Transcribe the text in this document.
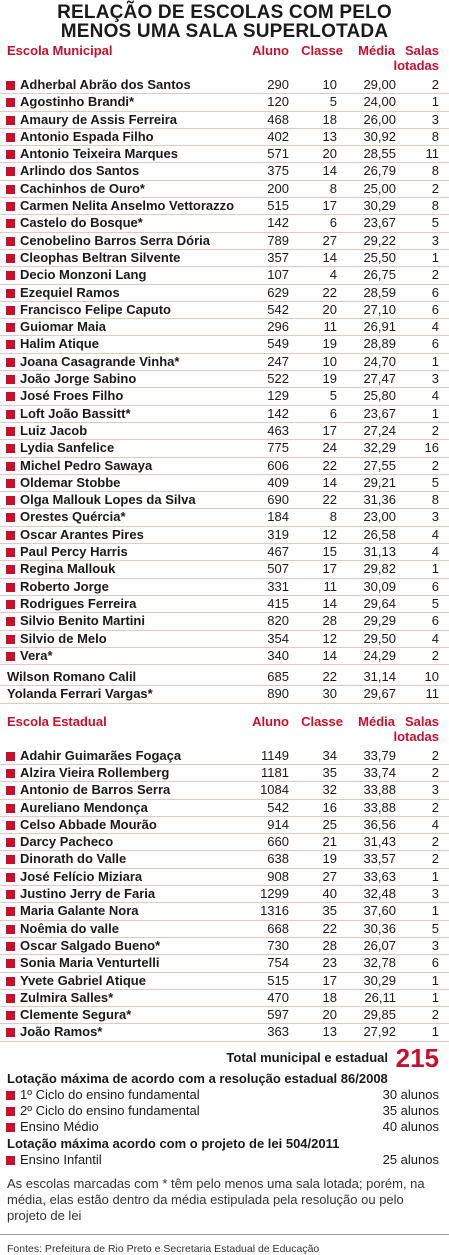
RELAÇÃO DE ESCOLAS COM PELO
MENOS UMA SALA SUPERLOTADA
Escola Municipal	Aluno Classe Média Salas
lotadas
Adherbal Abrão dos Santos	290	10 29,00	2
Agostinho Brandi*	120	5 24,00	1
Amaury de Assis Ferreira	468	18 26,00	3
Antonio Espada Filho	402	13 30,92	8
Antonio Teixeira Marques	571	20 28,55 11
Arlindo dos Santos	375	14 26,79	8
Cachinhos de Ouro*	200	8 25,00	2
Carmen Nelita Anselmo Vettorazzo	515	17 30,29	8
Castelo do Bosque*	142	6 23,67	5
Cenobelino Barros Serra Dória	789	27 29,22	3
Cleophas Beltran Silvente	357	14 25,50	1
Decio Monzoni Lang	107	4 26,75	2
Ezequiel Ramos	629	22 28,59	6
Francisco Felipe Caputo	542	20 27,10	6
Guiomar Maia	296	11 26,91	4
Halim Atique	549	19 28,89	6
Joana Casagrande Vinha*	247	10 24,70	1
João Jorge Sabino	522	19 27,47	3
José Froes Filho	129	5 25,80	4
Loft João Bassitt*	142	6 23,67	1
Luiz Jacob	463	17 27,24	2
Lydia Sanfelice	775	24 32,29 16
Michel Pedro Sawaya	606	22 27,55	2
Oldemar Stobbe	409	14 29,21	5
Olga Mallouk Lopes da Silva	690	22 31,36	8
Orestes Quércia*	184	8 23,00	3
Oscar Arantes Pires	319	12 26,58	4
Paul Percy Harris	467	15 31,13	4
Regina Mallouk	507	17 29,82	1
Roberto Jorge	331	11 30,09	6
Rodrigues Ferreira	415	14 29,64	5
Silvio Benito Martini	820	28 29,29	6
Silvio de Melo	354	12 29,50	4
Vera*	340	14 24,29	2
Wilson Romano Calil	685	22 31,14 10
Yolanda Ferrari Vargas*	890	30 29,67 11
Escola Estadual	Aluno Classe Média Salas
lotadas
Adahir Guimarães Fogaça	1149	34 33,79	2
Alzira Vieira Rollemberg	1181	35 33,74	2
Antonio de Barros Serra	1084	32 33,88	3
Aureliano Mendonça	542	16 33,88	2
Celso Abbade Mourão	914	25 36,56	4
Darcy Pacheco	660	21 31,43	2
Dinorath do Valle	638	19 33,57	2
José Felício Miziara	908	27 33,63	1
Justino Jerry de Faria	1299	40 32,48	3
Maria Galante Nora	1316	35 37,60	1
Noêmia do valle	668	22 30,36	5
Oscar Salgado Bueno*	730	28 26,07	3
Sonia Maria Venturtelli	754	23 32,78	6
Yvete Gabriel Atique	515	17 30,29	1
Zulmira Salles*	470	18 26,11	1
Clemente Segura*	597	20 29,85	2
João Ramos*	363	13 27,92	1
Total municipal e estadual 215
Lotação máxima de acordo com a resolução estadual 86/2008
1º Ciclo do ensino fundamental	30 alunos
2º Ciclo do ensino fundamental	35 alunos
Ensino Médio	40 alunos
Lotação máxima acordo com o projeto de lei 504/2011
Ensino Infantil	25 alunos
As escolas marcadas com * têm pelo menos uma sala lotada; porém, na média, elas estão dentro da média estipulada pela resolução ou pelo projeto de lei
Fontes: Prefeitura de Rio Preto e Secretaria Estadual de Educação
